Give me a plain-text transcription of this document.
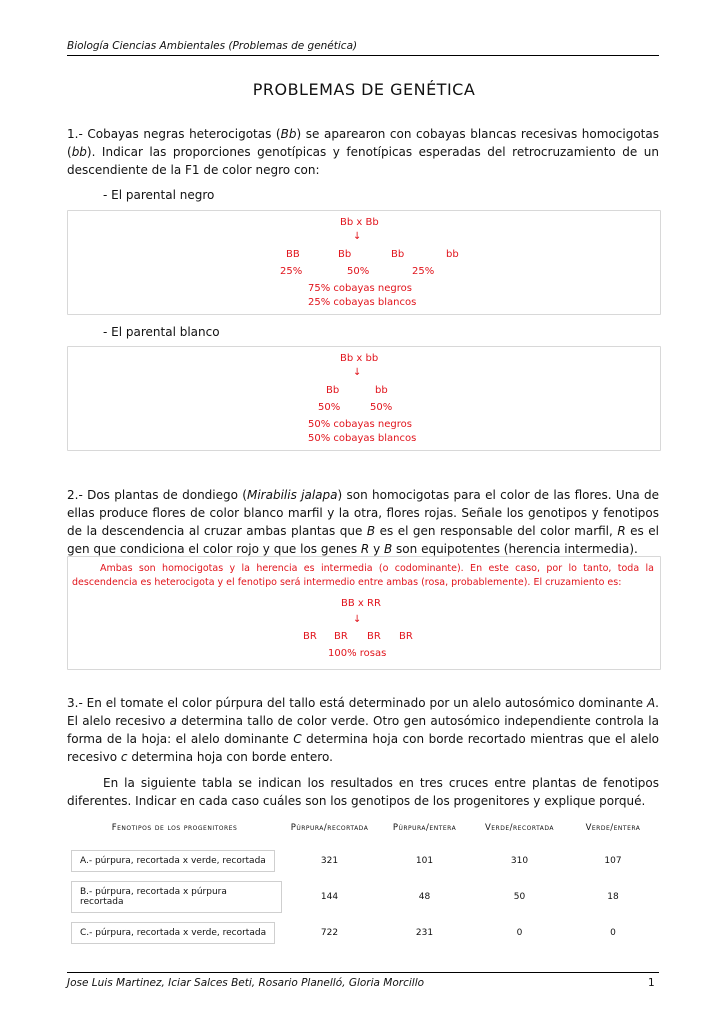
Biología Ciencias Ambientales (Problemas de genética)
PROBLEMAS DE GENÉTICA
1.- Cobayas negras heterocigotas (Bb) se aparearon con cobayas blancas recesivas homocigotas (bb). Indicar las proporciones genotípicas y fenotípicas esperadas del retrocruzamiento de un descendiente de la F1 de color negro con:
- El parental negro
Bb x Bb
↓
BB	Bb	Bb	bb
25%	50%	25%
75% cobayas negros
25% cobayas blancos
- El parental blanco
Bb x bb
↓
Bb	bb
50%	50%
50% cobayas negros
50% cobayas blancos
2.- Dos plantas de dondiego (Mirabilis jalapa) son homocigotas para el color de las flores. Una de ellas produce flores de color blanco marfil y la otra, flores rojas. Señale los genotipos y fenotipos de la descendencia al cruzar ambas plantas que B es el gen responsable del color marfil, R es el gen que condiciona el color rojo y que los genes R y B son equipotentes (herencia intermedia).
Ambas son homocigotas y la herencia es intermedia (o codominante). En este caso, por lo tanto, toda la descendencia es heterocigota y el fenotipo será intermedio entre ambas (rosa, probablemente). El cruzamiento es:
BB x RR
↓
BR BR BR BR
100% rosas
3.- En el tomate el color púrpura del tallo está determinado por un alelo autosómico dominante A. El alelo recesivo a determina tallo de color verde. Otro gen autosómico independiente controla la forma de la hoja: el alelo dominante C determina hoja con borde recortado mientras que el alelo recesivo c determina hoja con borde entero.
En la siguiente tabla se indican los resultados en tres cruces entre plantas de fenotipos diferentes. Indicar en cada caso cuáles son los genotipos de los progenitores y explique porqué.
Fenotipos de los progenitores	Púrpura/recortada	Púrpura/entera	Verde/recortada	Verde/entera
A.- púrpura, recortada x verde, recortada	321	101	310	107
B.- púrpura, recortada x púrpura recortada	144	48	50	18
C.- púrpura, recortada x verde, recortada	722	231	0	0
Jose Luis Martinez, Iciar Salces Beti, Rosario Planelló, Gloria Morcillo	1
